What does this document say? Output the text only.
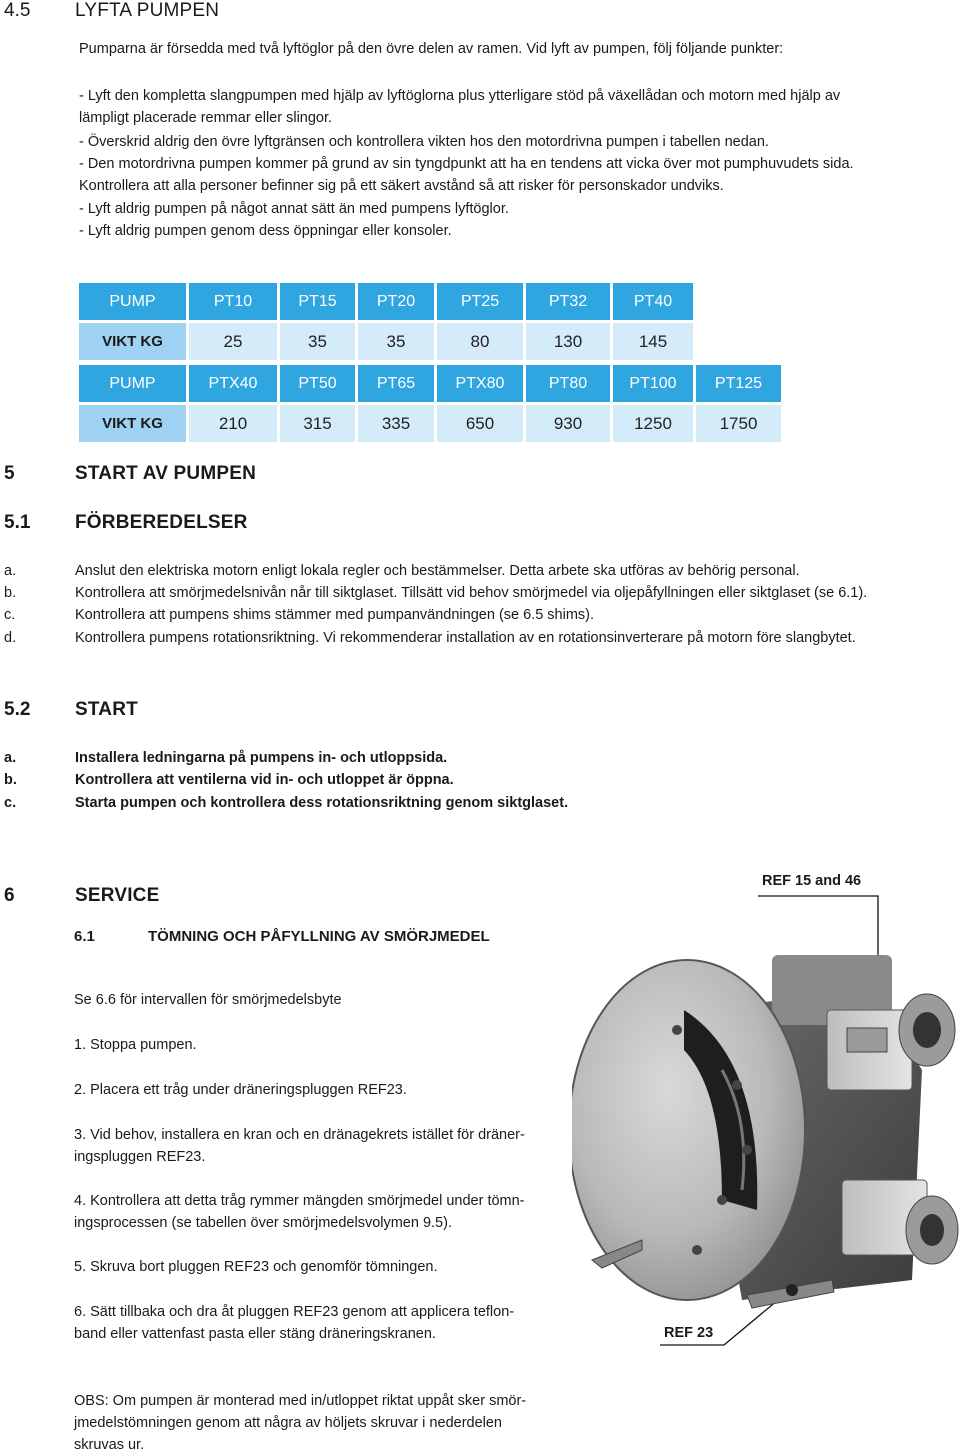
4.5 LYFTA PUMPEN
Pumparna är försedda med två lyftöglor på den övre delen av ramen. Vid lyft av pumpen, följ följande punkter:
- Lyft den kompletta slangpumpen med hjälp av lyftöglorna plus ytterligare stöd på växellådan och motorn med hjälp av
lämpligt placerade remmar eller slingor.
- Överskrid aldrig den övre lyftgränsen och kontrollera vikten hos den motordrivna pumpen i tabellen nedan.
- Den motordrivna pumpen kommer på grund av sin tyngdpunkt att ha en tendens att vicka över mot pumphuvudets sida.
Kontrollera att alla personer befinner sig på ett säkert avstånd så att risker för personskador undviks.
- Lyft aldrig pumpen på något annat sätt än med pumpens lyftöglor.
- Lyft aldrig pumpen genom dess öppningar eller konsoler.
PUMP	PT10	PT15	PT20	PT25	PT32	PT40
VIKT KG	25	35	35	80	130	145
PUMP	PTX40	PT50	PT65	PTX80	PT80	PT100	PT125
VIKT KG	210	315	335	650	930	1250	1750
5	START AV PUMPEN
5.1 FÖRBEREDELSER
a.	Anslut den elektriska motorn enligt lokala regler och bestämmelser. Detta arbete ska utföras av behörig personal.
b.	Kontrollera att smörjmedelsnivån når till siktglaset. Tillsätt vid behov smörjmedel via oljepåfyllningen eller siktglaset (se 6.1).
c.	Kontrollera att pumpens shims stämmer med pumpanvändningen (se 6.5 shims).
d.	Kontrollera pumpens rotationsriktning. Vi rekommenderar installation av en rotationsinverterare på motorn före slangbytet.
5.2 START
a.	Installera ledningarna på pumpens in- och utloppsida.
b.	Kontrollera att ventilerna vid in- och utloppet är öppna.
c.	Starta pumpen och kontrollera dess rotationsriktning genom siktglaset.
6	SERVICE
6.1	TÖMNING OCH PÅFYLLNING AV SMÖRJMEDEL
Se 6.6 för intervallen för smörjmedelsbyte
1. Stoppa pumpen.
2. Placera ett tråg under dräneringspluggen REF23.
3. Vid behov, installera en kran och en dränagekrets istället för dräner-
ingspluggen REF23.
4. Kontrollera att detta tråg rymmer mängden smörjmedel under tömn-
ingsprocessen (se tabellen över smörjmedelsvolymen 9.5).
5. Skruva bort pluggen REF23 och genomför tömningen.
6. Sätt tillbaka och dra åt pluggen REF23 genom att applicera teflon-
band eller vattenfast pasta eller stäng dräneringskranen.
OBS: Om pumpen är monterad med in/utloppet riktat uppåt sker smör-
jmedelstömningen genom att några av höljets skruvar i nederdelen
skruvas ur.
REF 15 and 46
REF 23
